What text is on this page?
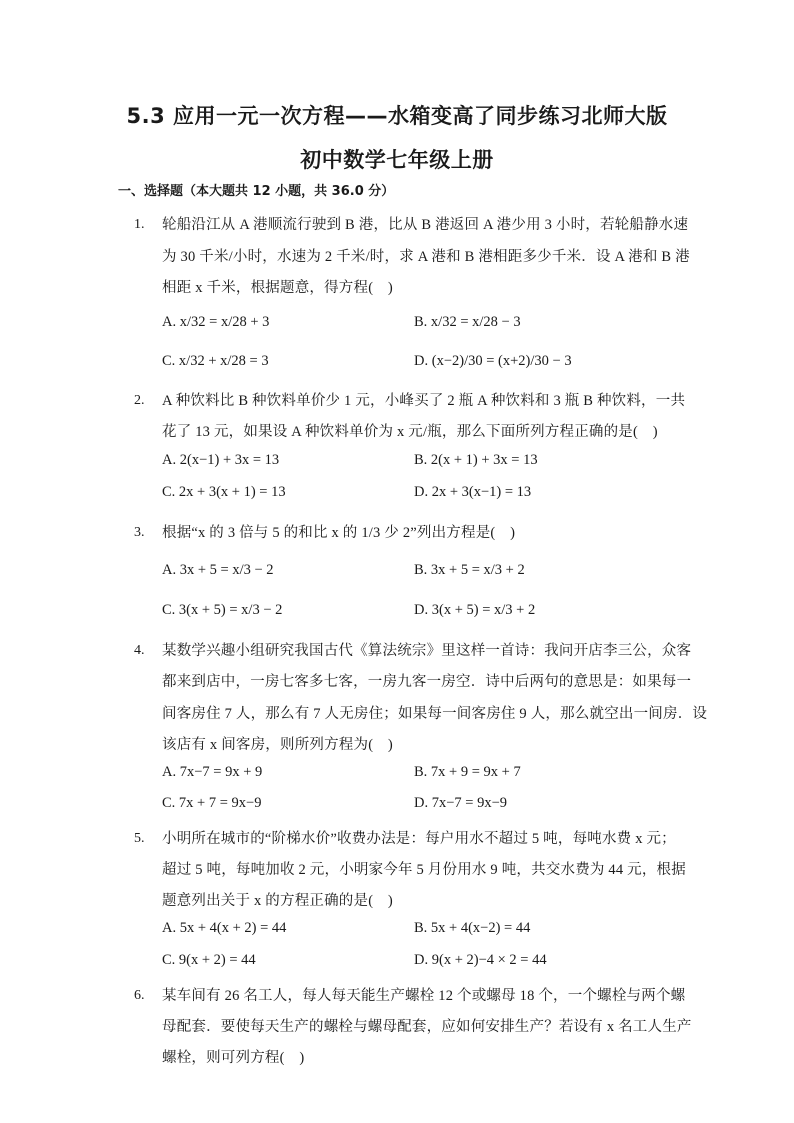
5.3 应用一元一次方程——水箱变高了同步练习北师大版
初中数学七年级上册
一、选择题（本大题共 12 小题，共 36.0 分）
1. 轮船沿江从 A 港顺流行驶到 B 港，比从 B 港返回 A 港少用 3 小时，若轮船静水速
为 30 千米/小时，水速为 2 千米/时，求 A 港和 B 港相距多少千米．设 A 港和 B 港
相距 x 千米，根据题意，得方程(　)
A. x/32 = x/28 + 3	B. x/32 = x/28 − 3
C. x/32 + x/28 = 3	D. (x−2)/30 = (x+2)/30 − 3
2. A 种饮料比 B 种饮料单价少 1 元，小峰买了 2 瓶 A 种饮料和 3 瓶 B 种饮料，一共
花了 13 元，如果设 A 种饮料单价为 x 元/瓶，那么下面所列方程正确的是(　)
A. 2(x−1) + 3x = 13	B. 2(x + 1) + 3x = 13
C. 2x + 3(x + 1) = 13	D. 2x + 3(x−1) = 13
3. 根据“x 的 3 倍与 5 的和比 x 的 1/3 少 2”列出方程是(　)
A. 3x + 5 = x/3 − 2	B. 3x + 5 = x/3 + 2
C. 3(x + 5) = x/3 − 2	D. 3(x + 5) = x/3 + 2
4. 某数学兴趣小组研究我国古代《算法统宗》里这样一首诗：我问开店李三公，众客
都来到店中，一房七客多七客，一房九客一房空．诗中后两句的意思是：如果每一
间客房住 7 人，那么有 7 人无房住；如果每一间客房住 9 人，那么就空出一间房．设
该店有 x 间客房，则所列方程为(　)
A. 7x−7 = 9x + 9	B. 7x + 9 = 9x + 7
C. 7x + 7 = 9x−9	D. 7x−7 = 9x−9
5. 小明所在城市的“阶梯水价”收费办法是：每户用水不超过 5 吨，每吨水费 x 元；
超过 5 吨，每吨加收 2 元，小明家今年 5 月份用水 9 吨，共交水费为 44 元，根据
题意列出关于 x 的方程正确的是(　)
A. 5x + 4(x + 2) = 44	B. 5x + 4(x−2) = 44
C. 9(x + 2) = 44	D. 9(x + 2)−4 × 2 = 44
6. 某车间有 26 名工人，每人每天能生产螺栓 12 个或螺母 18 个，一个螺栓与两个螺
母配套．要使每天生产的螺栓与螺母配套，应如何安排生产？若设有 x 名工人生产
螺栓，则可列方程(　)
